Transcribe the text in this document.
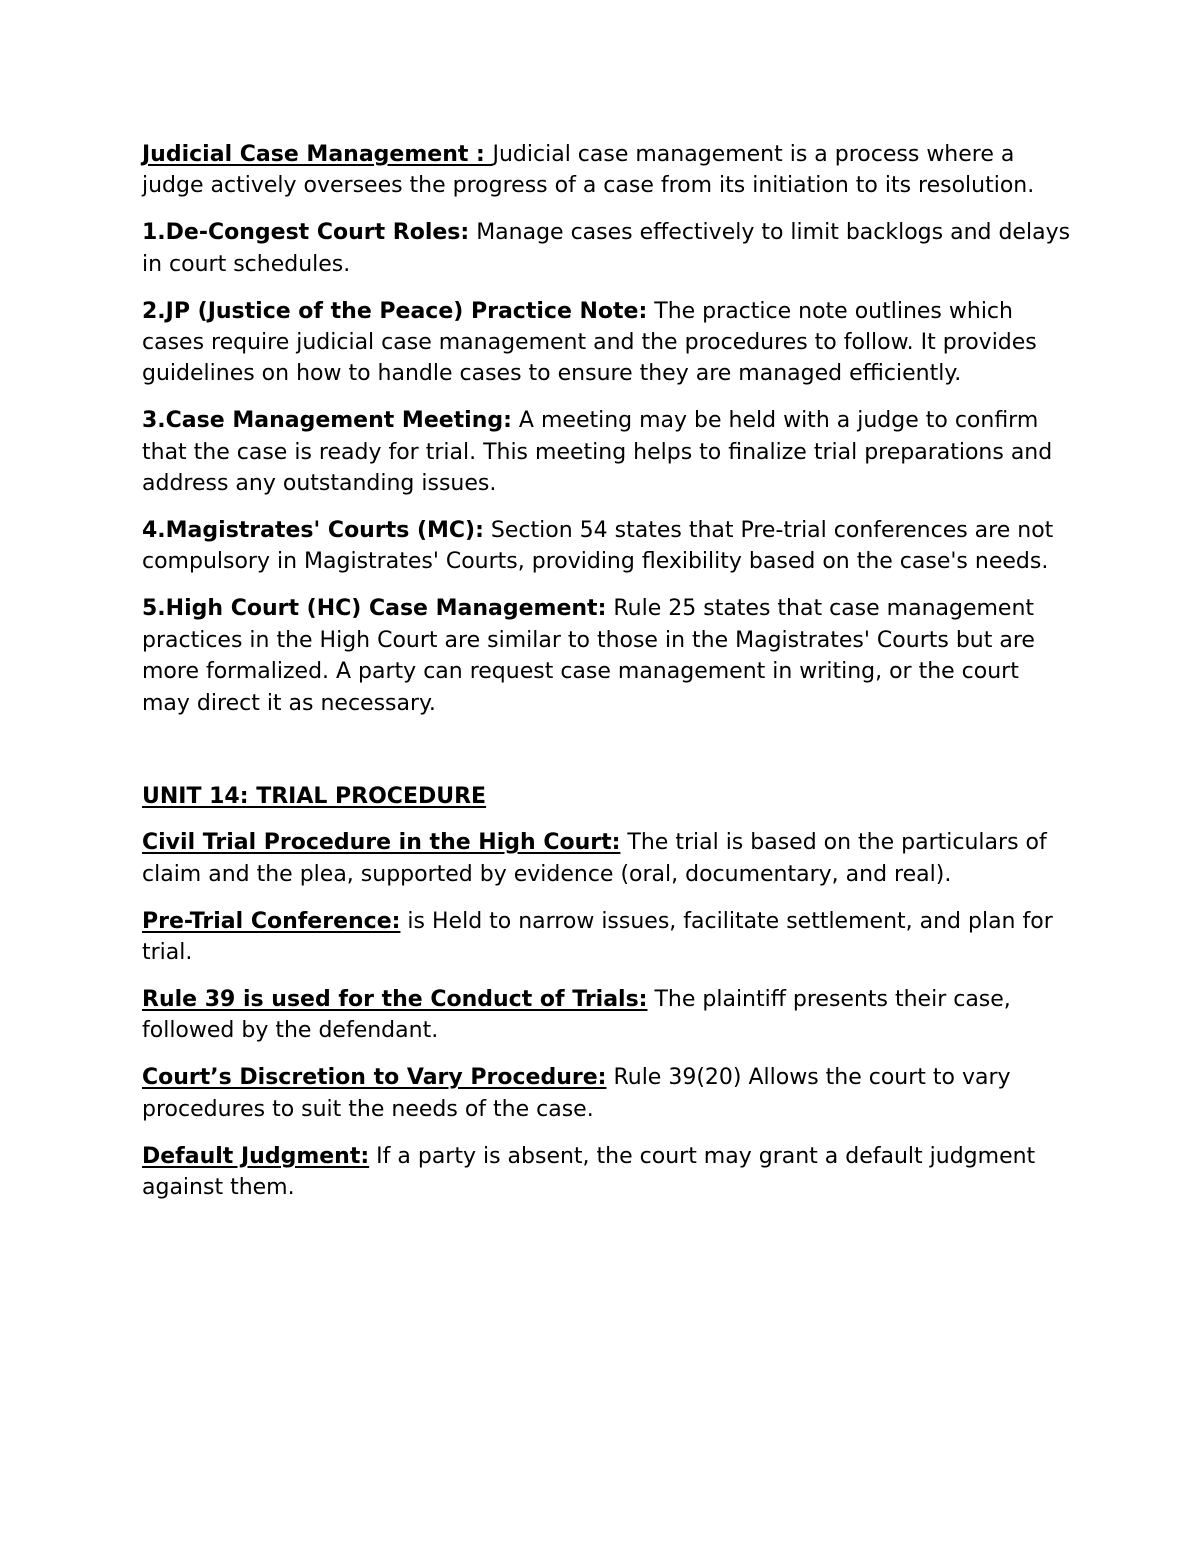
Judicial Case Management : Judicial case management is a process where a judge actively oversees the progress of a case from its initiation to its resolution.

1.De-Congest Court Roles: Manage cases effectively to limit backlogs and delays in court schedules.

2.JP (Justice of the Peace) Practice Note: The practice note outlines which cases require judicial case management and the procedures to follow. It provides guidelines on how to handle cases to ensure they are managed efficiently.

3.Case Management Meeting: A meeting may be held with a judge to confirm that the case is ready for trial. This meeting helps to finalize trial preparations and address any outstanding issues.

4.Magistrates' Courts (MC): Section 54 states that Pre-trial conferences are not compulsory in Magistrates' Courts, providing flexibility based on the case's needs.

5.High Court (HC) Case Management: Rule 25 states that case management practices in the High Court are similar to those in the Magistrates' Courts but are more formalized. A party can request case management in writing, or the court may direct it as necessary.

UNIT 14: TRIAL PROCEDURE

Civil Trial Procedure in the High Court: The trial is based on the particulars of claim and the plea, supported by evidence (oral, documentary, and real).

Pre-Trial Conference: is Held to narrow issues, facilitate settlement, and plan for trial.

Rule 39 is used for the Conduct of Trials: The plaintiff presents their case, followed by the defendant.

Court’s Discretion to Vary Procedure: Rule 39(20) Allows the court to vary procedures to suit the needs of the case.

Default Judgment: If a party is absent, the court may grant a default judgment against them.
